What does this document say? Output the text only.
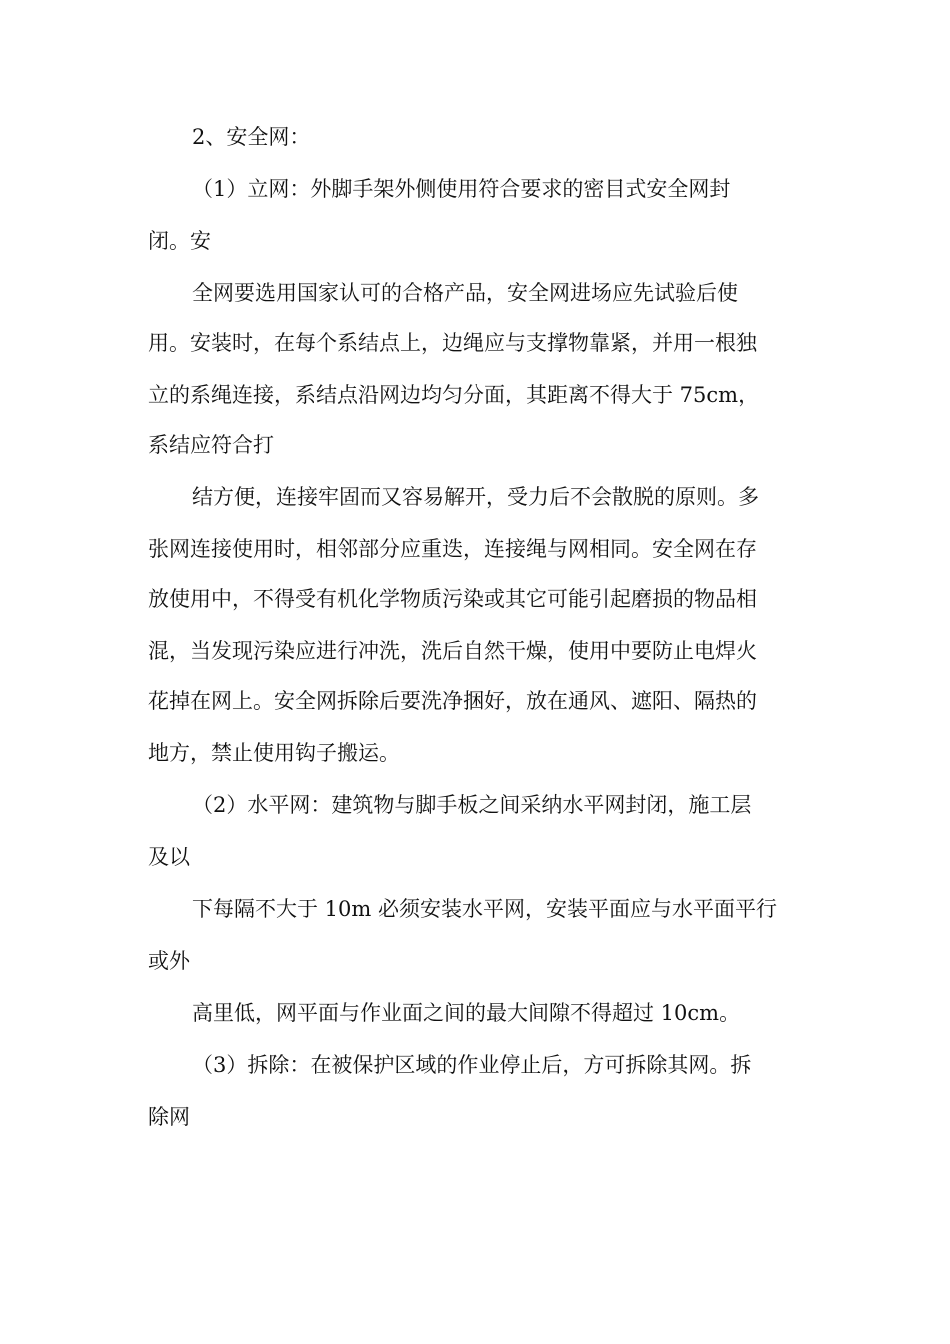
2、安全网：
（1）立网：外脚手架外侧使用符合要求的密目式安全网封
闭。安
全网要选用国家认可的合格产品，安全网进场应先试验后使
用。安装时，在每个系结点上，边绳应与支撑物靠紧，并用一根独
立的系绳连接，系结点沿网边均匀分面，其距离不得大于 75cm，
系结应符合打
结方便，连接牢固而又容易解开，受力后不会散脱的原则。多
张网连接使用时，相邻部分应重迭，连接绳与网相同。安全网在存
放使用中，不得受有机化学物质污染或其它可能引起磨损的物品相
混，当发现污染应进行冲洗，洗后自然干燥，使用中要防止电焊火
花掉在网上。安全网拆除后要洗净捆好，放在通风、遮阳、隔热的
地方，禁止使用钩子搬运。
（2）水平网：建筑物与脚手板之间采纳水平网封闭，施工层
及以
下每隔不大于 10m 必须安装水平网，安装平面应与水平面平行
或外
高里低，网平面与作业面之间的最大间隙不得超过 10cm。
（3）拆除：在被保护区域的作业停止后，方可拆除其网。拆
除网
